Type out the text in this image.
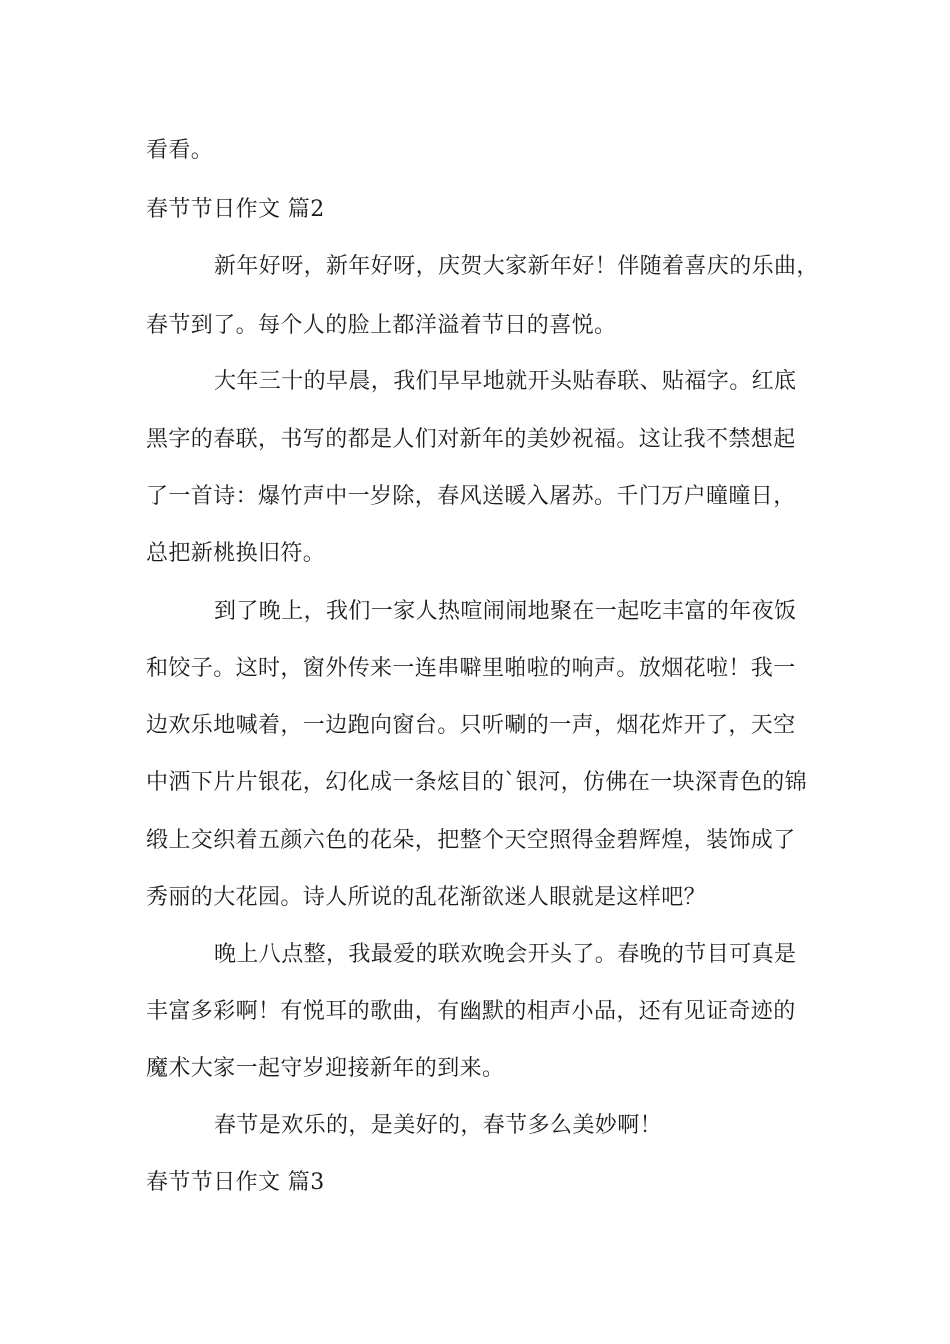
看看。
春节节日作文 篇2
新年好呀，新年好呀，庆贺大家新年好！伴随着喜庆的乐曲，
春节到了。每个人的脸上都洋溢着节日的喜悦。
大年三十的早晨，我们早早地就开头贴春联、贴福字。红底
黑字的春联，书写的都是人们对新年的美妙祝福。这让我不禁想起
了一首诗：爆竹声中一岁除，春风送暖入屠苏。千门万户曈曈日，
总把新桃换旧符。
到了晚上，我们一家人热喧闹闹地聚在一起吃丰富的年夜饭
和饺子。这时，窗外传来一连串噼里啪啦的响声。放烟花啦！我一
边欢乐地喊着，一边跑向窗台。只听唰的一声，烟花炸开了，天空
中洒下片片银花，幻化成一条炫目的`银河，仿佛在一块深青色的锦
缎上交织着五颜六色的花朵，把整个天空照得金碧辉煌，装饰成了
秀丽的大花园。诗人所说的乱花渐欲迷人眼就是这样吧？
晚上八点整，我最爱的联欢晚会开头了。春晚的节目可真是
丰富多彩啊！有悦耳的歌曲，有幽默的相声小品，还有见证奇迹的
魔术大家一起守岁迎接新年的到来。
春节是欢乐的，是美好的，春节多么美妙啊！
春节节日作文 篇3
